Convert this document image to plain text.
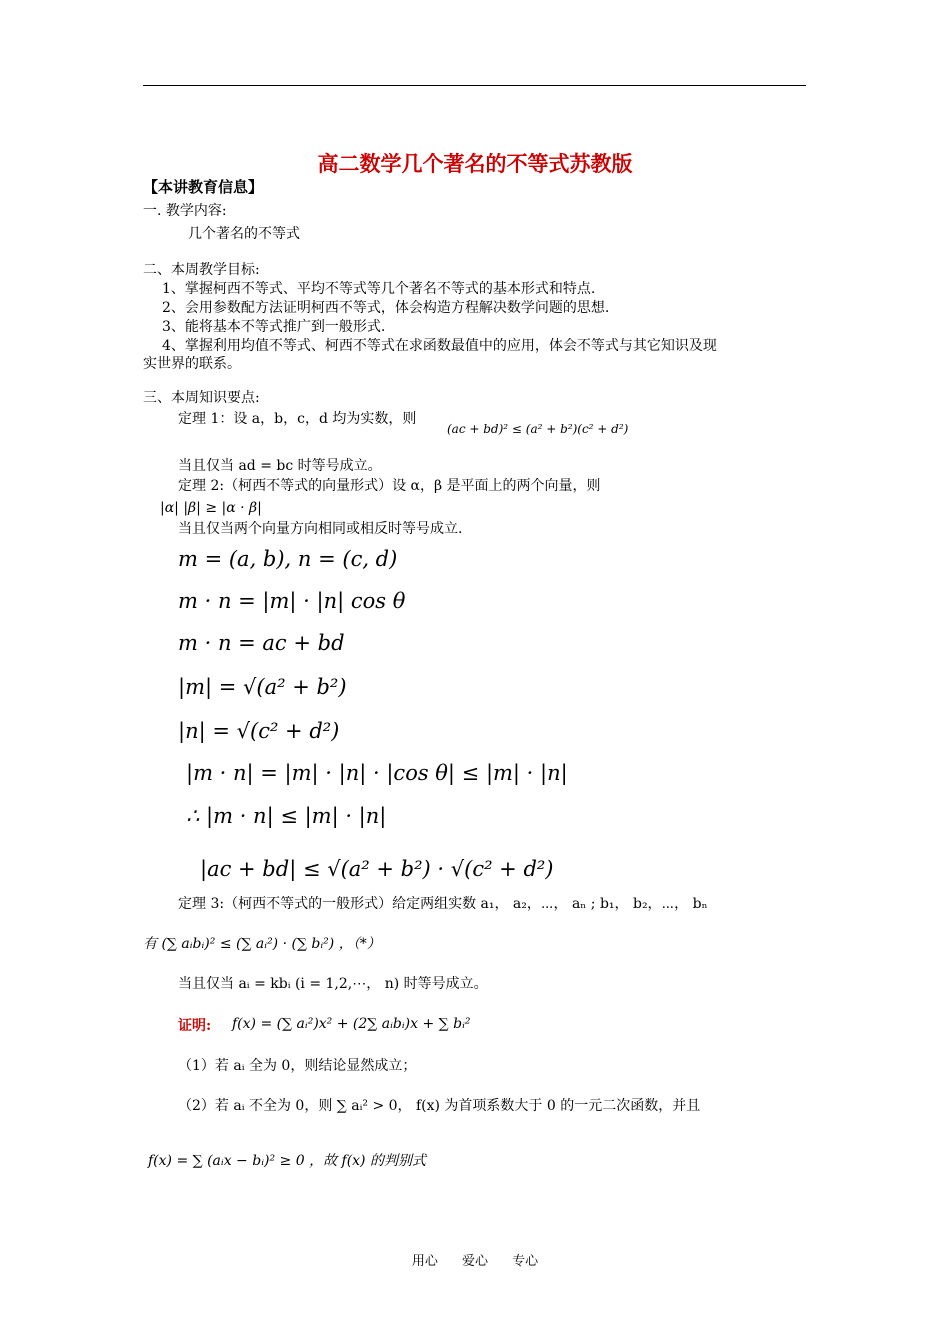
高二数学几个著名的不等式苏教版
【本讲教育信息】
一. 教学内容:
几个著名的不等式
二、本周教学目标:
1、掌握柯西不等式、平均不等式等几个著名不等式的基本形式和特点.
2、会用参数配方法证明柯西不等式，体会构造方程解决数学问题的思想.
3、能将基本不等式推广到一般形式.
4、掌握利用均值不等式、柯西不等式在求函数最值中的应用，体会不等式与其它知识及现
实世界的联系。
三、本周知识要点:
定理 1：设 a，b，c，d 均为实数，则
(ac + bd)² ≤ (a² + b²)(c² + d²)
当且仅当 ad = bc 时等号成立。
定理 2:（柯西不等式的向量形式）设 α，β 是平面上的两个向量，则
|α| |β| ≥ |α · β|
当且仅当两个向量方向相同或相反时等号成立.
m = (a, b), n = (c, d)
m · n = |m| · |n| cos θ
m · n = ac + bd
|m| = √(a² + b²)
|n| = √(c² + d²)
|m · n| = |m| · |n| · |cos θ| ≤ |m| · |n|
∴ |m · n| ≤ |m| · |n|
|ac + bd| ≤ √(a² + b²) · √(c² + d²)
定理 3:（柯西不等式的一般形式）给定两组实数 a₁， a₂，⋯， aₙ ; b₁， b₂，⋯， bₙ
有 (∑ aᵢbᵢ)² ≤ (∑ aᵢ²) · (∑ bᵢ²) ，（*）
当且仅当 aᵢ = kbᵢ (i = 1,2,⋯， n) 时等号成立。
证明: f(x) = (∑ aᵢ²)x² + (2∑ aᵢbᵢ)x + ∑ bᵢ²
（1）若 aᵢ 全为 0，则结论显然成立；
（2）若 aᵢ 不全为 0，则 ∑ aᵢ² > 0， f(x) 为首项系数大于 0 的一元二次函数，并且
f(x) = ∑ (aᵢx − bᵢ)² ≥ 0 ，故 f(x) 的判别式
用心 爱心 专心
